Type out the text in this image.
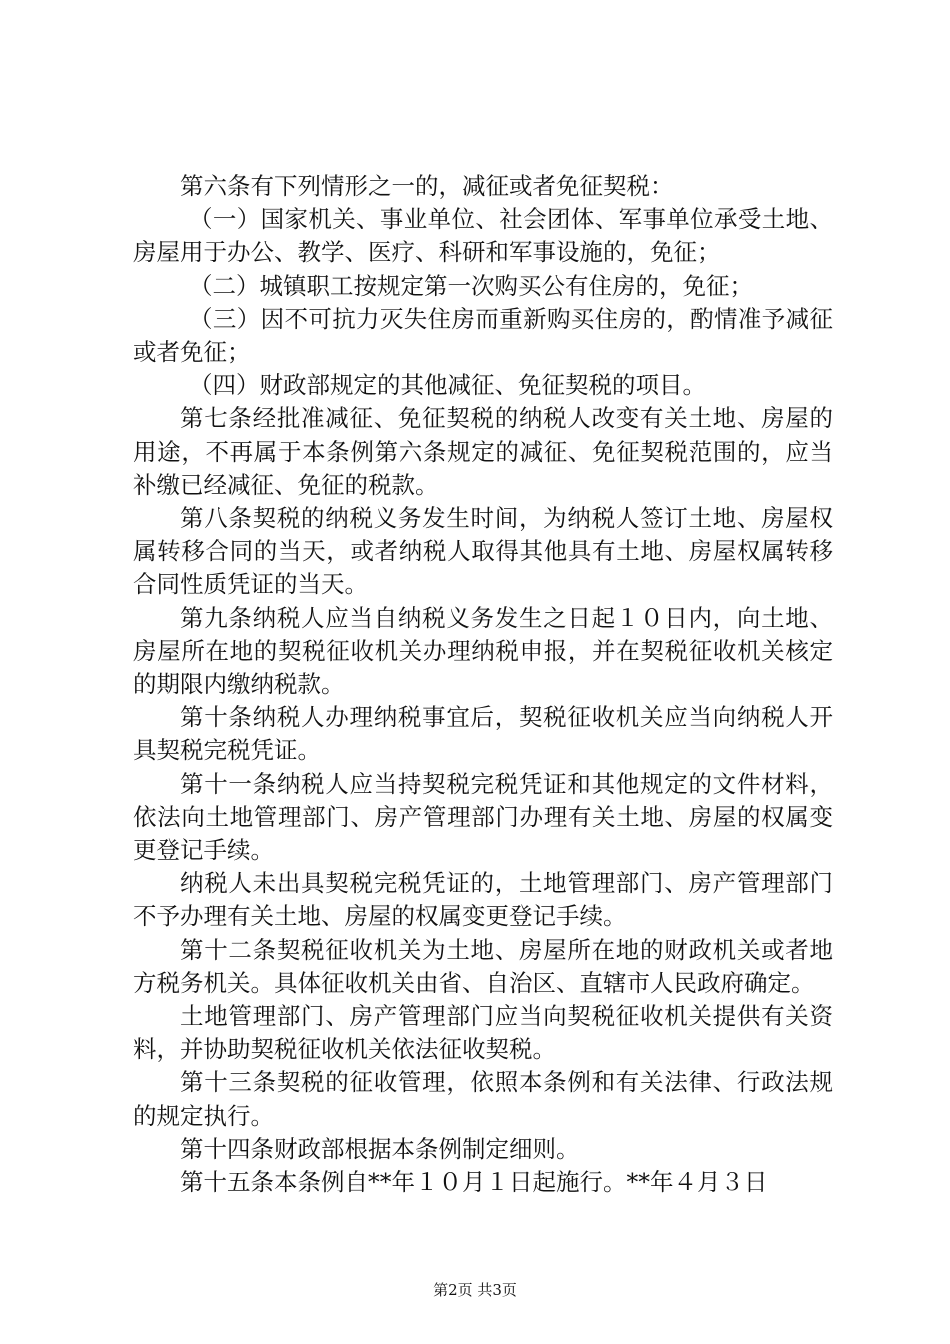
第六条有下列情形之一的，减征或者免征契税：

（一）国家机关、事业单位、社会团体、军事单位承受土地、房屋用于办公、教学、医疗、科研和军事设施的，免征；

（二）城镇职工按规定第一次购买公有住房的，免征；

（三）因不可抗力灭失住房而重新购买住房的，酌情准予减征或者免征；

（四）财政部规定的其他减征、免征契税的项目。

第七条经批准减征、免征契税的纳税人改变有关土地、房屋的用途，不再属于本条例第六条规定的减征、免征契税范围的，应当补缴已经减征、免征的税款。

第八条契税的纳税义务发生时间，为纳税人签订土地、房屋权属转移合同的当天，或者纳税人取得其他具有土地、房屋权属转移合同性质凭证的当天。

第九条纳税人应当自纳税义务发生之日起１０日内，向土地、房屋所在地的契税征收机关办理纳税申报，并在契税征收机关核定的期限内缴纳税款。

第十条纳税人办理纳税事宜后，契税征收机关应当向纳税人开具契税完税凭证。

第十一条纳税人应当持契税完税凭证和其他规定的文件材料，依法向土地管理部门、房产管理部门办理有关土地、房屋的权属变更登记手续。

纳税人未出具契税完税凭证的，土地管理部门、房产管理部门不予办理有关土地、房屋的权属变更登记手续。

第十二条契税征收机关为土地、房屋所在地的财政机关或者地方税务机关。具体征收机关由省、自治区、直辖市人民政府确定。

土地管理部门、房产管理部门应当向契税征收机关提供有关资料，并协助契税征收机关依法征收契税。

第十三条契税的征收管理，依照本条例和有关法律、行政法规的规定执行。

第十四条财政部根据本条例制定细则。

第十五条本条例自**年１０月１日起施行。**年４月３日

第2页 共3页
